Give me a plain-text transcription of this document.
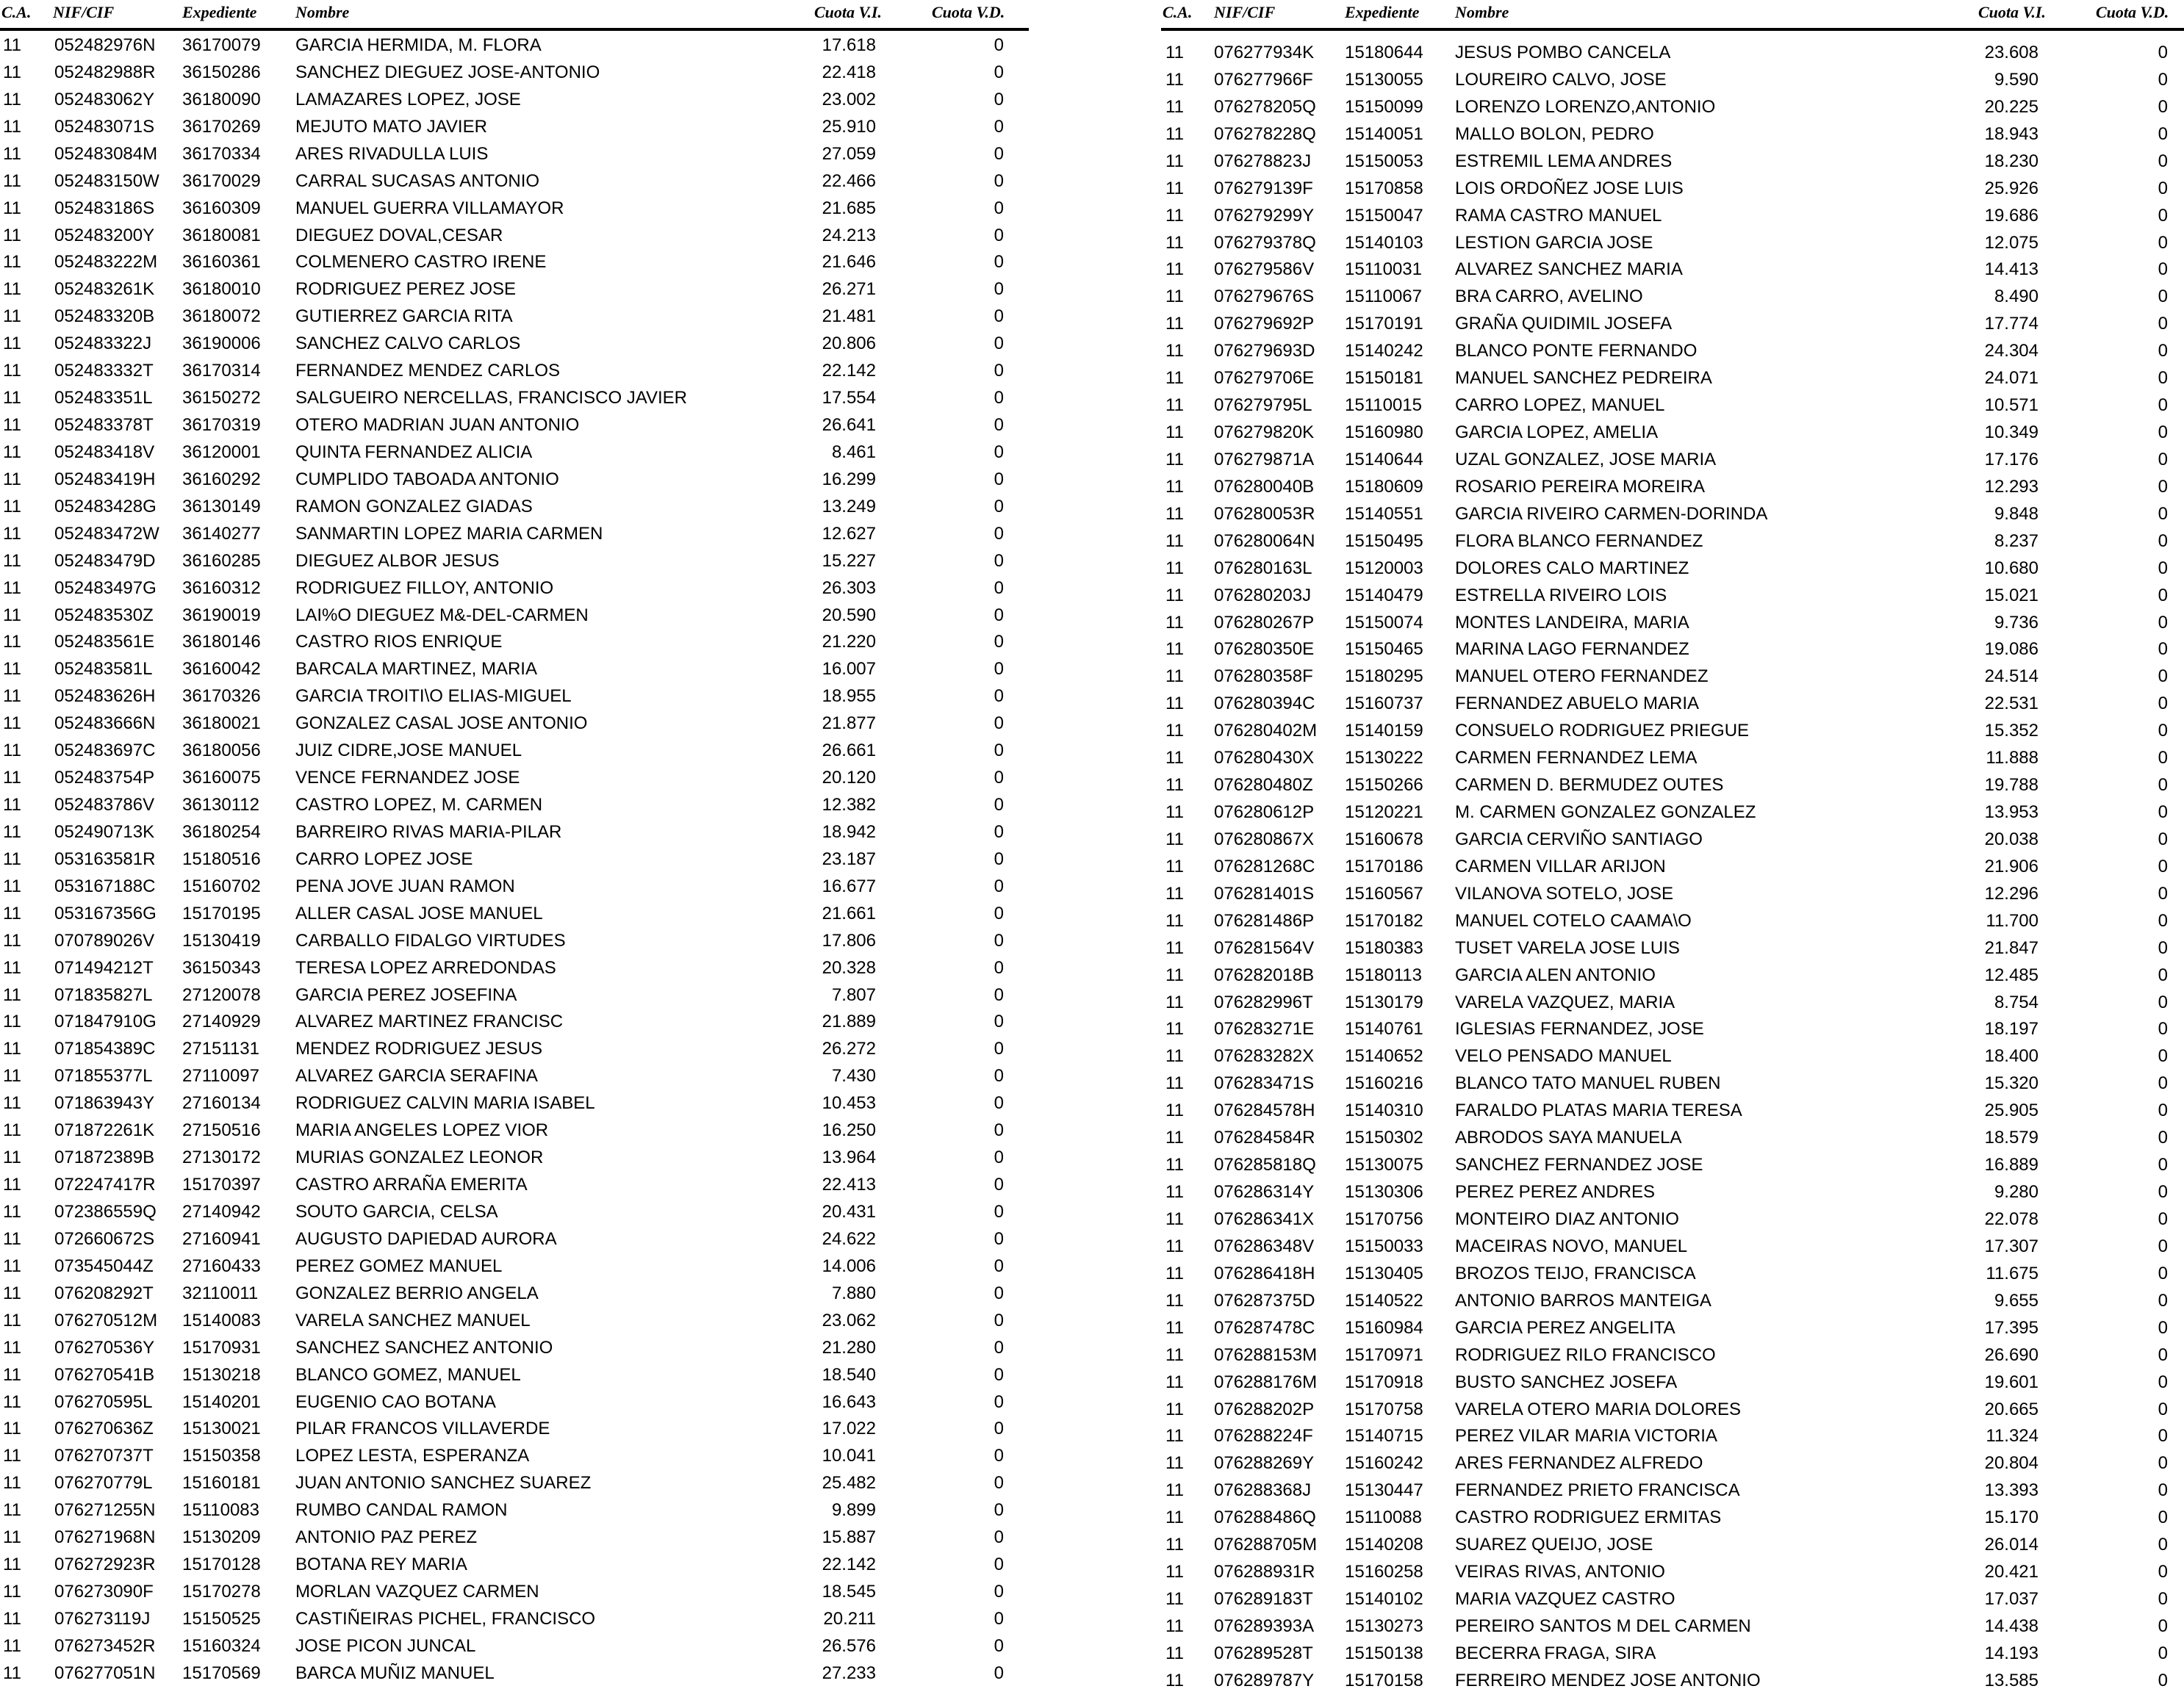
C.A. NIF/CIF	Expediente Nombre	Cuota V.I.	Cuota V.D.
11 052482976N 36170079 GARCIA HERMIDA, M. FLORA	17.618	0
11 052482988R 36150286 SANCHEZ DIEGUEZ JOSE-ANTONIO	22.418	0
11 052483062Y 36180090 LAMAZARES LOPEZ, JOSE	23.002	0
11 052483071S 36170269 MEJUTO MATO JAVIER	25.910	0
11 052483084M 36170334 ARES RIVADULLA LUIS	27.059	0
11 052483150W 36170029 CARRAL SUCASAS ANTONIO	22.466	0
11 052483186S 36160309 MANUEL GUERRA VILLAMAYOR	21.685	0
11 052483200Y 36180081 DIEGUEZ DOVAL,CESAR	24.213	0
11 052483222M 36160361 COLMENERO CASTRO IRENE	21.646	0
11 052483261K 36180010 RODRIGUEZ PEREZ JOSE	26.271	0
11 052483320B 36180072 GUTIERREZ GARCIA RITA	21.481	0
11 052483322J 36190006 SANCHEZ CALVO CARLOS	20.806	0
11 052483332T 36170314 FERNANDEZ MENDEZ CARLOS	22.142	0
11 052483351L 36150272 SALGUEIRO NERCELLAS, FRANCISCO JAVIER	17.554	0
11 052483378T 36170319 OTERO MADRIAN JUAN ANTONIO	26.641	0
11 052483418V 36120001 QUINTA FERNANDEZ ALICIA	8.461	0
11 052483419H 36160292 CUMPLIDO TABOADA ANTONIO	16.299	0
11 052483428G 36130149 RAMON GONZALEZ GIADAS	13.249	0
11 052483472W 36140277 SANMARTIN LOPEZ MARIA CARMEN	12.627	0
11 052483479D 36160285 DIEGUEZ ALBOR JESUS	15.227	0
11 052483497G 36160312 RODRIGUEZ FILLOY, ANTONIO	26.303	0
11 052483530Z 36190019 LAI%O DIEGUEZ M&-DEL-CARMEN	20.590	0
11 052483561E 36180146 CASTRO RIOS ENRIQUE	21.220	0
11 052483581L 36160042 BARCALA MARTINEZ, MARIA	16.007	0
11 052483626H 36170326 GARCIA TROITI\O ELIAS-MIGUEL	18.955	0
11 052483666N 36180021 GONZALEZ CASAL JOSE ANTONIO	21.877	0
11 052483697C 36180056 JUIZ CIDRE,JOSE MANUEL	26.661	0
11 052483754P 36160075 VENCE FERNANDEZ JOSE	20.120	0
11 052483786V 36130112 CASTRO LOPEZ, M. CARMEN	12.382	0
11 052490713K 36180254 BARREIRO RIVAS MARIA-PILAR	18.942	0
11 053163581R 15180516 CARRO LOPEZ JOSE	23.187	0
11 053167188C 15160702 PENA JOVE JUAN RAMON	16.677	0
11 053167356G 15170195 ALLER CASAL JOSE MANUEL	21.661	0
11 070789026V 15130419 CARBALLO FIDALGO VIRTUDES	17.806	0
11 071494212T 36150343 TERESA LOPEZ ARREDONDAS	20.328	0
11 071835827L 27120078 GARCIA PEREZ JOSEFINA	7.807	0
11 071847910G 27140929 ALVAREZ MARTINEZ FRANCISC	21.889	0
11 071854389C 27151131 MENDEZ RODRIGUEZ JESUS	26.272	0
11 071855377L 27110097 ALVAREZ GARCIA SERAFINA	7.430	0
11 071863943Y 27160134 RODRIGUEZ CALVIN MARIA ISABEL	10.453	0
11 071872261K 27150516 MARIA ANGELES LOPEZ VIOR	16.250	0
11 071872389B 27130172 MURIAS GONZALEZ LEONOR	13.964	0
11 072247417R 15170397 CASTRO ARRAÑA EMERITA	22.413	0
11 072386559Q 27140942 SOUTO GARCIA, CELSA	20.431	0
11 072660672S 27160941 AUGUSTO DAPIEDAD AURORA	24.622	0
11 073545044Z 27160433 PEREZ GOMEZ MANUEL	14.006	0
11 076208292T 32110011 GONZALEZ BERRIO ANGELA	7.880	0
11 076270512M 15140083 VARELA SANCHEZ MANUEL	23.062	0
11 076270536Y 15170931 SANCHEZ SANCHEZ ANTONIO	21.280	0
11 076270541B 15130218 BLANCO GOMEZ, MANUEL	18.540	0
11 076270595L 15140201 EUGENIO CAO BOTANA	16.643	0
11 076270636Z 15130021 PILAR FRANCOS VILLAVERDE	17.022	0
11 076270737T 15150358 LOPEZ LESTA, ESPERANZA	10.041	0
11 076270779L 15160181 JUAN ANTONIO SANCHEZ SUAREZ	25.482	0
11 076271255N 15110083 RUMBO CANDAL RAMON	9.899	0
11 076271968N 15130209 ANTONIO PAZ PEREZ	15.887	0
11 076272923R 15170128 BOTANA REY MARIA	22.142	0
11 076273090F 15170278 MORLAN VAZQUEZ CARMEN	18.545	0
11 076273119J 15150525 CASTIÑEIRAS PICHEL, FRANCISCO	20.211	0
11 076273452R 15160324 JOSE PICON JUNCAL	26.576	0
11 076277051N 15170569 BARCA MUÑIZ MANUEL	27.233	0
C.A. NIF/CIF	Expediente Nombre	Cuota V.I.	Cuota V.D.
11 076277934K 15180644 JESUS POMBO CANCELA	23.608	0
11 076277966F 15130055 LOUREIRO CALVO, JOSE	9.590	0
11 076278205Q 15150099 LORENZO LORENZO,ANTONIO	20.225	0
11 076278228Q 15140051 MALLO BOLON, PEDRO	18.943	0
11 076278823J 15150053 ESTREMIL LEMA ANDRES	18.230	0
11 076279139F 15170858 LOIS ORDOÑEZ JOSE LUIS	25.926	0
11 076279299Y 15150047 RAMA CASTRO MANUEL	19.686	0
11 076279378Q 15140103 LESTION GARCIA JOSE	12.075	0
11 076279586V 15110031 ALVAREZ SANCHEZ MARIA	14.413	0
11 076279676S 15110067 BRA CARRO, AVELINO	8.490	0
11 076279692P 15170191 GRAÑA QUIDIMIL JOSEFA	17.774	0
11 076279693D 15140242 BLANCO PONTE FERNANDO	24.304	0
11 076279706E 15150181 MANUEL SANCHEZ PEDREIRA	24.071	0
11 076279795L 15110015 CARRO LOPEZ, MANUEL	10.571	0
11 076279820K 15160980 GARCIA LOPEZ, AMELIA	10.349	0
11 076279871A 15140644 UZAL GONZALEZ, JOSE MARIA	17.176	0
11 076280040B 15180609 ROSARIO PEREIRA MOREIRA	12.293	0
11 076280053R 15140551 GARCIA RIVEIRO CARMEN-DORINDA	9.848	0
11 076280064N 15150495 FLORA BLANCO FERNANDEZ	8.237	0
11 076280163L 15120003 DOLORES CALO MARTINEZ	10.680	0
11 076280203J 15140479 ESTRELLA RIVEIRO LOIS	15.021	0
11 076280267P 15150074 MONTES LANDEIRA, MARIA	9.736	0
11 076280350E 15150465 MARINA LAGO FERNANDEZ	19.086	0
11 076280358F 15180295 MANUEL OTERO FERNANDEZ	24.514	0
11 076280394C 15160737 FERNANDEZ ABUELO MARIA	22.531	0
11 076280402M 15140159 CONSUELO RODRIGUEZ PRIEGUE	15.352	0
11 076280430X 15130222 CARMEN FERNANDEZ LEMA	11.888	0
11 076280480Z 15150266 CARMEN D. BERMUDEZ OUTES	19.788	0
11 076280612P 15120221 M. CARMEN GONZALEZ GONZALEZ	13.953	0
11 076280867X 15160678 GARCIA CERVIÑO SANTIAGO	20.038	0
11 076281268C 15170186 CARMEN VILLAR ARIJON	21.906	0
11 076281401S 15160567 VILANOVA SOTELO, JOSE	12.296	0
11 076281486P 15170182 MANUEL COTELO CAAMA\O	11.700	0
11 076281564V 15180383 TUSET VARELA JOSE LUIS	21.847	0
11 076282018B 15180113 GARCIA ALEN ANTONIO	12.485	0
11 076282996T 15130179 VARELA VAZQUEZ, MARIA	8.754	0
11 076283271E 15140761 IGLESIAS FERNANDEZ, JOSE	18.197	0
11 076283282X 15140652 VELO PENSADO MANUEL	18.400	0
11 076283471S 15160216 BLANCO TATO MANUEL RUBEN	15.320	0
11 076284578H 15140310 FARALDO PLATAS MARIA TERESA	25.905	0
11 076284584R 15150302 ABRODOS SAYA MANUELA	18.579	0
11 076285818Q 15130075 SANCHEZ FERNANDEZ JOSE	16.889	0
11 076286314Y 15130306 PEREZ PEREZ ANDRES	9.280	0
11 076286341X 15170756 MONTEIRO DIAZ ANTONIO	22.078	0
11 076286348V 15150033 MACEIRAS NOVO, MANUEL	17.307	0
11 076286418H 15130405 BROZOS TEIJO, FRANCISCA	11.675	0
11 076287375D 15140522 ANTONIO BARROS MANTEIGA	9.655	0
11 076287478C 15160984 GARCIA PEREZ ANGELITA	17.395	0
11 076288153M 15170971 RODRIGUEZ RILO FRANCISCO	26.690	0
11 076288176M 15170918 BUSTO SANCHEZ JOSEFA	19.601	0
11 076288202P 15170758 VARELA OTERO MARIA DOLORES	20.665	0
11 076288224F 15140715 PEREZ VILAR MARIA VICTORIA	11.324	0
11 076288269Y 15160242 ARES FERNANDEZ ALFREDO	20.804	0
11 076288368J 15130447 FERNANDEZ PRIETO FRANCISCA	13.393	0
11 076288486Q 15110088 CASTRO RODRIGUEZ ERMITAS	15.170	0
11 076288705M 15140208 SUAREZ QUEIJO, JOSE	26.014	0
11 076288931R 15160258 VEIRAS RIVAS, ANTONIO	20.421	0
11 076289183T 15140102 MARIA VAZQUEZ CASTRO	17.037	0
11 076289393A 15130273 PEREIRO SANTOS M DEL CARMEN	14.438	0
11 076289528T 15150138 BECERRA FRAGA, SIRA	14.193	0
11 076289787Y 15170158 FERREIRO MENDEZ JOSE ANTONIO	13.585	0
